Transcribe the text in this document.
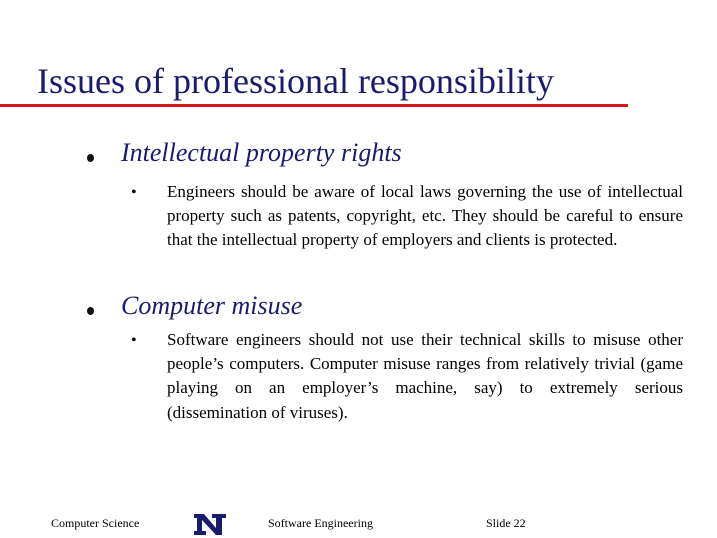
Issues of professional responsibility
Intellectual property rights
• Engineers should be aware of local laws governing the use of intellectual property such as patents, copyright, etc. They should be careful to ensure that the intellectual property of employers and clients is protected.

Computer misuse
• Software engineers should not use their technical skills to misuse other people’s computers. Computer misuse ranges from relatively trivial (game playing on an employer’s machine, say) to extremely serious (dissemination of viruses).

Computer Science	Software Engineering	Slide 22
